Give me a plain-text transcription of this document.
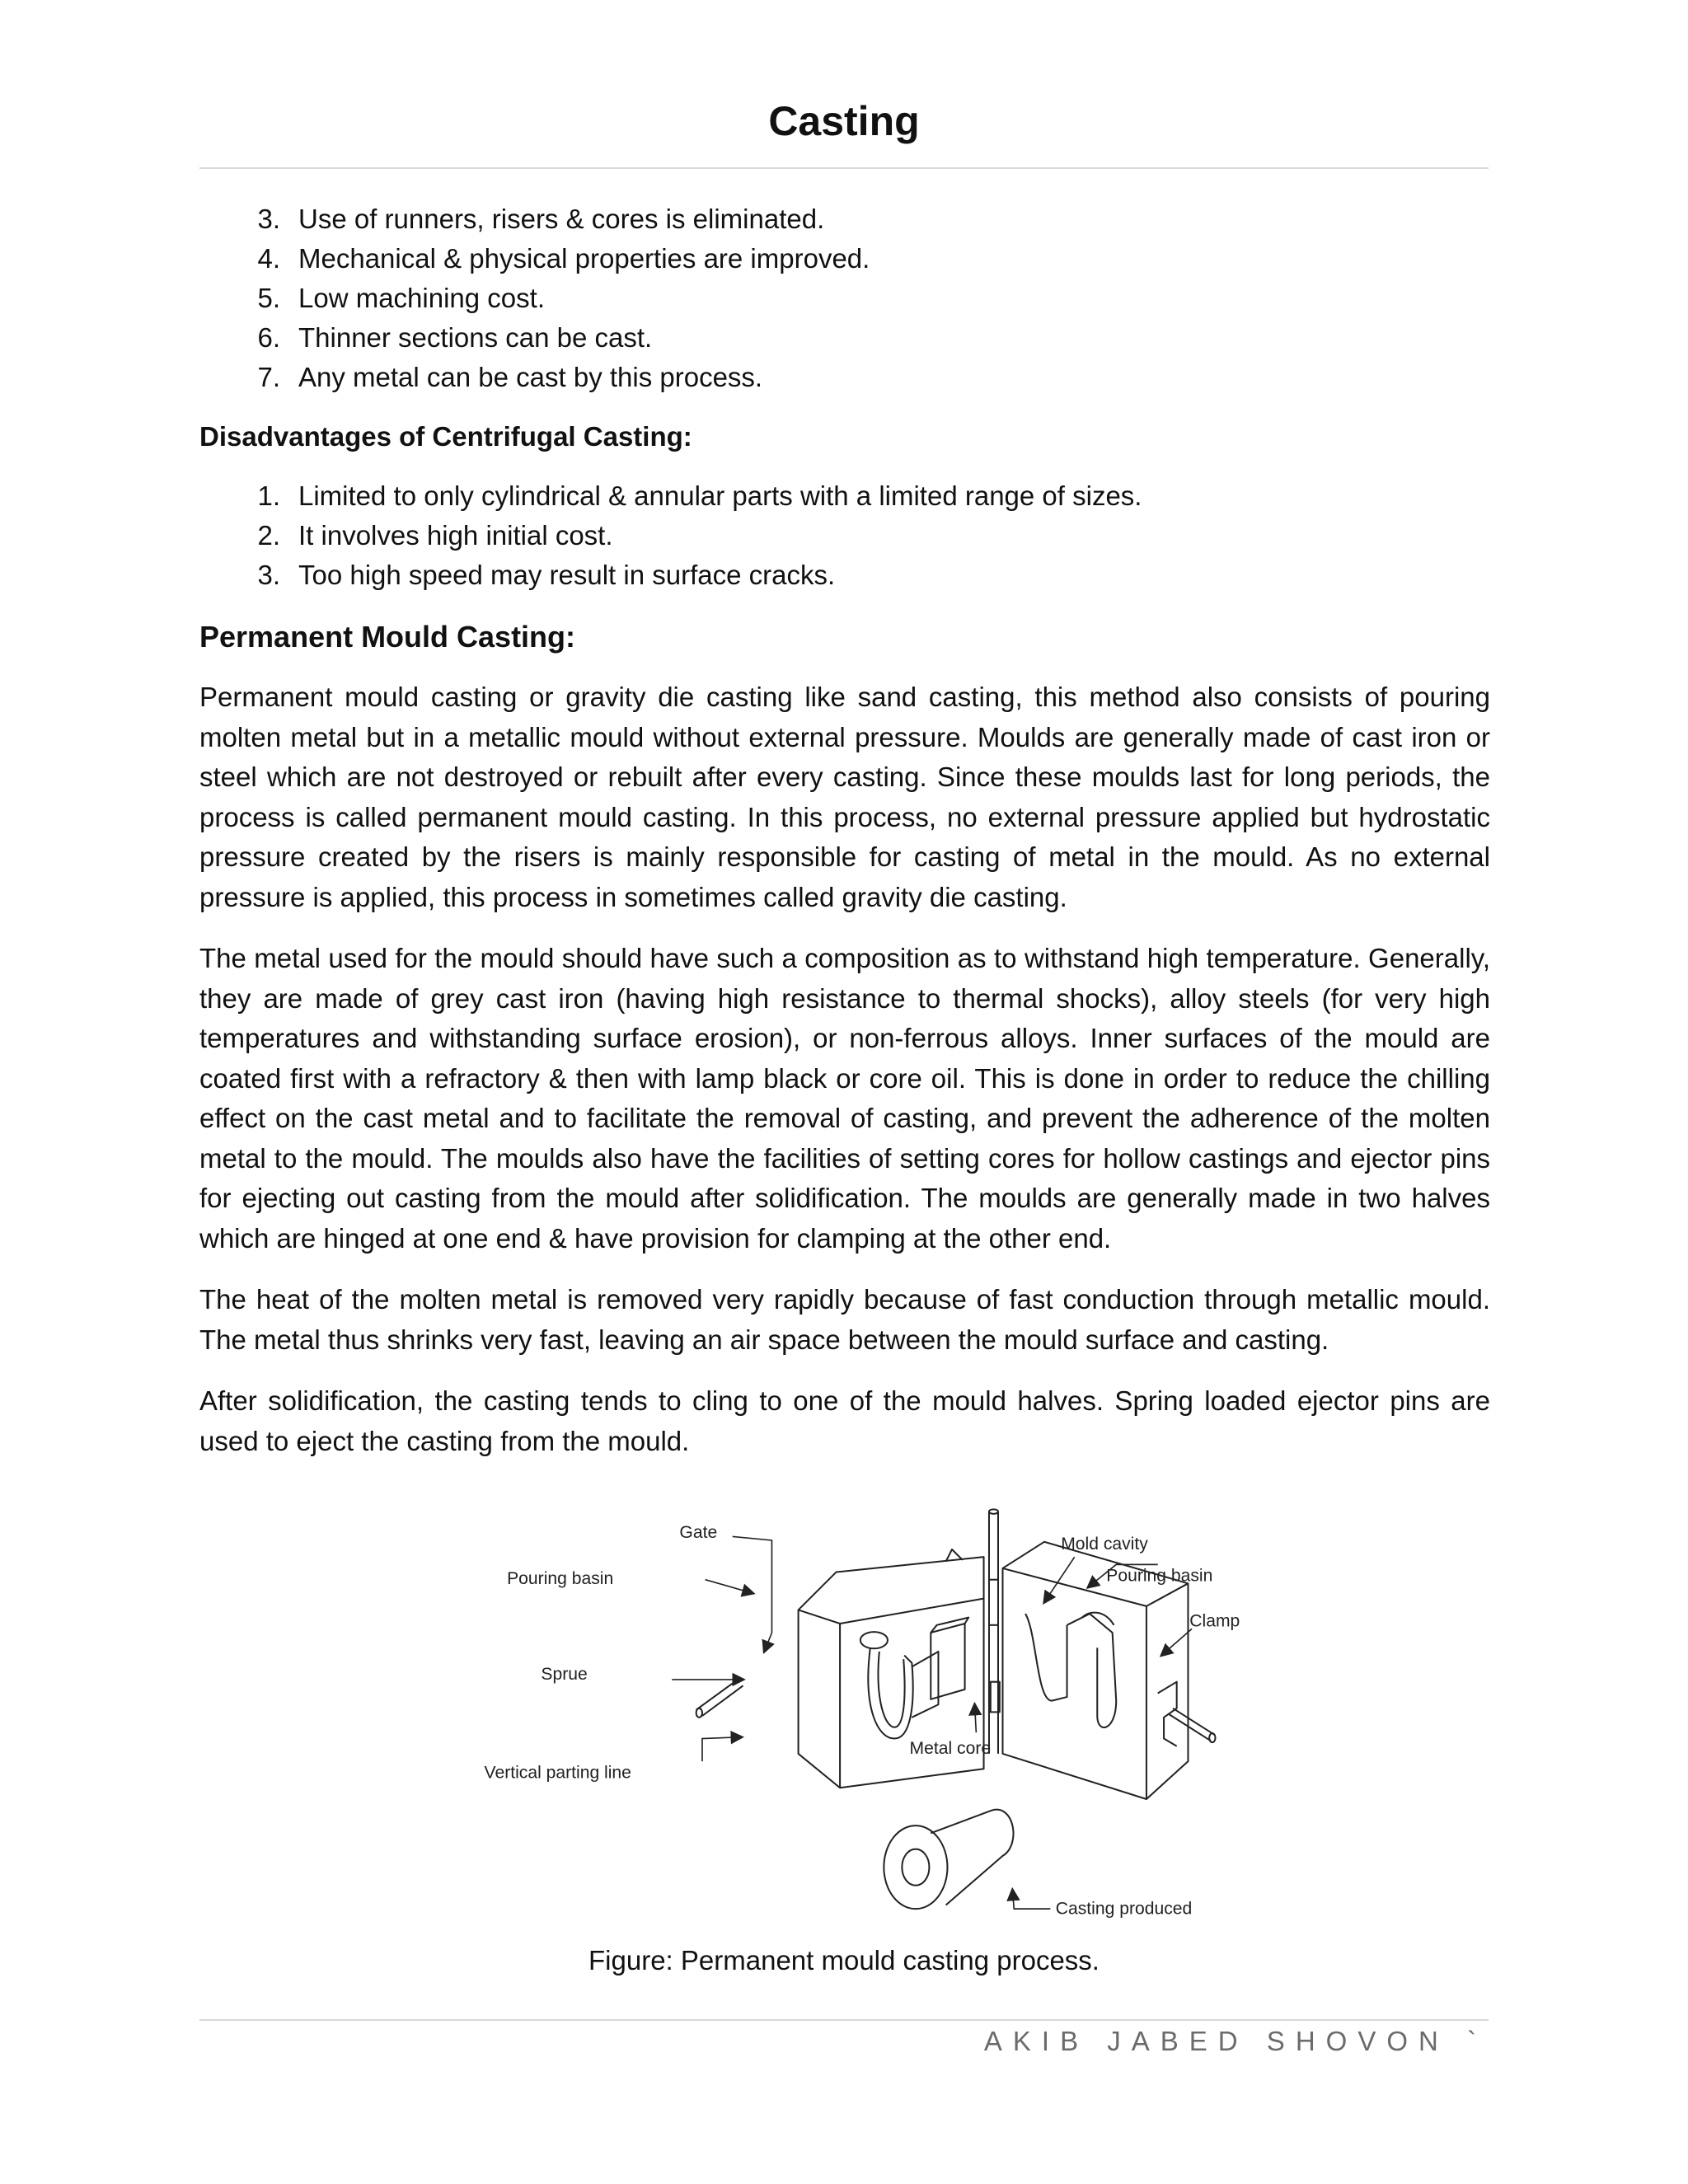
Casting
3. Use of runners, risers & cores is eliminated.
4. Mechanical & physical properties are improved.
5. Low machining cost.
6. Thinner sections can be cast.
7. Any metal can be cast by this process.
Disadvantages of Centrifugal Casting:
1. Limited to only cylindrical & annular parts with a limited range of sizes.
2. It involves high initial cost.
3. Too high speed may result in surface cracks.
Permanent Mould Casting:

Permanent mould casting or gravity die casting like sand casting, this method also consists of pouring molten metal but in a metallic mould without external pressure. Moulds are generally made of cast iron or steel which are not destroyed or rebuilt after every casting. Since these moulds last for long periods, the process is called permanent mould casting. In this process, no external pressure applied but hydrostatic pressure created by the risers is mainly responsible for casting of metal in the mould. As no external pressure is applied, this process in sometimes called gravity die casting.

The metal used for the mould should have such a composition as to withstand high temperature. Generally, they are made of grey cast iron (having high resistance to thermal shocks), alloy steels (for very high temperatures and withstanding surface erosion), or non-ferrous alloys. Inner surfaces of the mould are coated first with a refractory & then with lamp black or core oil. This is done in order to reduce the chilling effect on the cast metal and to facilitate the removal of casting, and prevent the adherence of the molten metal to the mould. The moulds also have the facilities of setting cores for hollow castings and ejector pins for ejecting out casting from the mould after solidification. The moulds are generally made in two halves which are hinged at one end & have provision for clamping at the other end.

The heat of the molten metal is removed very rapidly because of fast conduction through metallic mould. The metal thus shrinks very fast, leaving an air space between the mould surface and casting.

After solidification, the casting tends to cling to one of the mould halves. Spring loaded ejector pins are used to eject the casting from the mould.

Gate
Mold cavity
Pouring basin	Pouring basin
Clamp
Sprue
Vertical parting line
Metal core
Casting produced
Figure: Permanent mould casting process.
AKIB JABED SHOVON `
